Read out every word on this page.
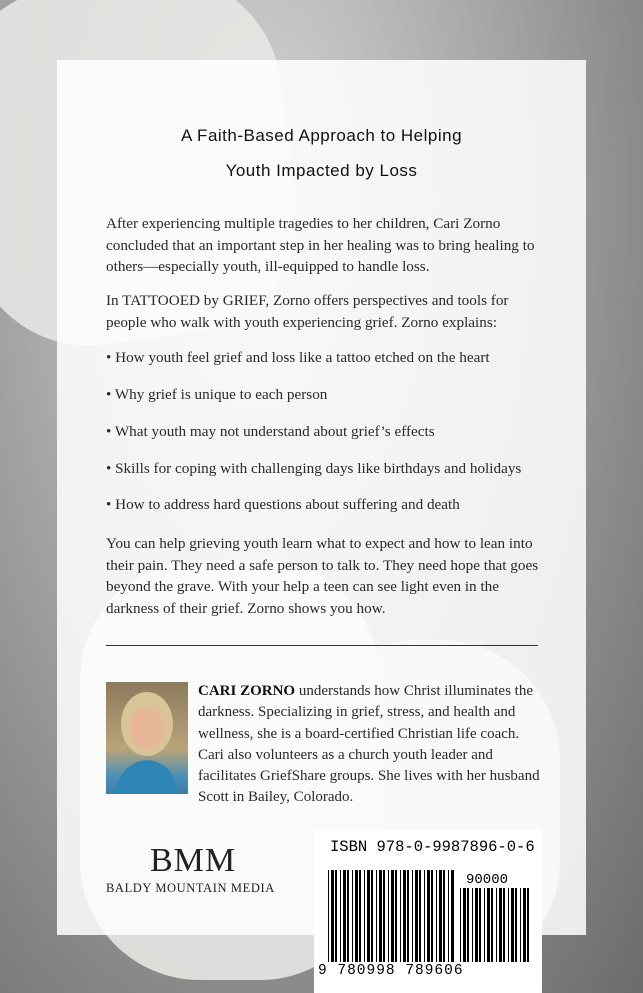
A Faith-Based Approach to Helping
Youth Impacted by Loss

After experiencing multiple tragedies to her children, Cari Zorno concluded that an important step in her healing was to bring healing to others—especially youth, ill-equipped to handle loss.

In TATTOOED by GRIEF, Zorno offers perspectives and tools for people who walk with youth experiencing grief. Zorno explains:

• How youth feel grief and loss like a tattoo etched on the heart
• Why grief is unique to each person
• What youth may not understand about grief’s effects
• Skills for coping with challenging days like birthdays and holidays
• How to address hard questions about suffering and death

You can help grieving youth learn what to expect and how to lean into their pain. They need a safe person to talk to. They need hope that goes beyond the grave. With your help a teen can see light even in the darkness of their grief. Zorno shows you how.

CARI ZORNO understands how Christ illuminates the darkness. Specializing in grief, stress, and health and wellness, she is a board-certified Christian life coach. Cari also volunteers as a church youth leader and facilitates GriefShare groups. She lives with her husband Scott in Bailey, Colorado.

BMM
BALDY MOUNTAIN MEDIA
ISBN 978-0-9987896-0-6
90000
9 780998 789606
